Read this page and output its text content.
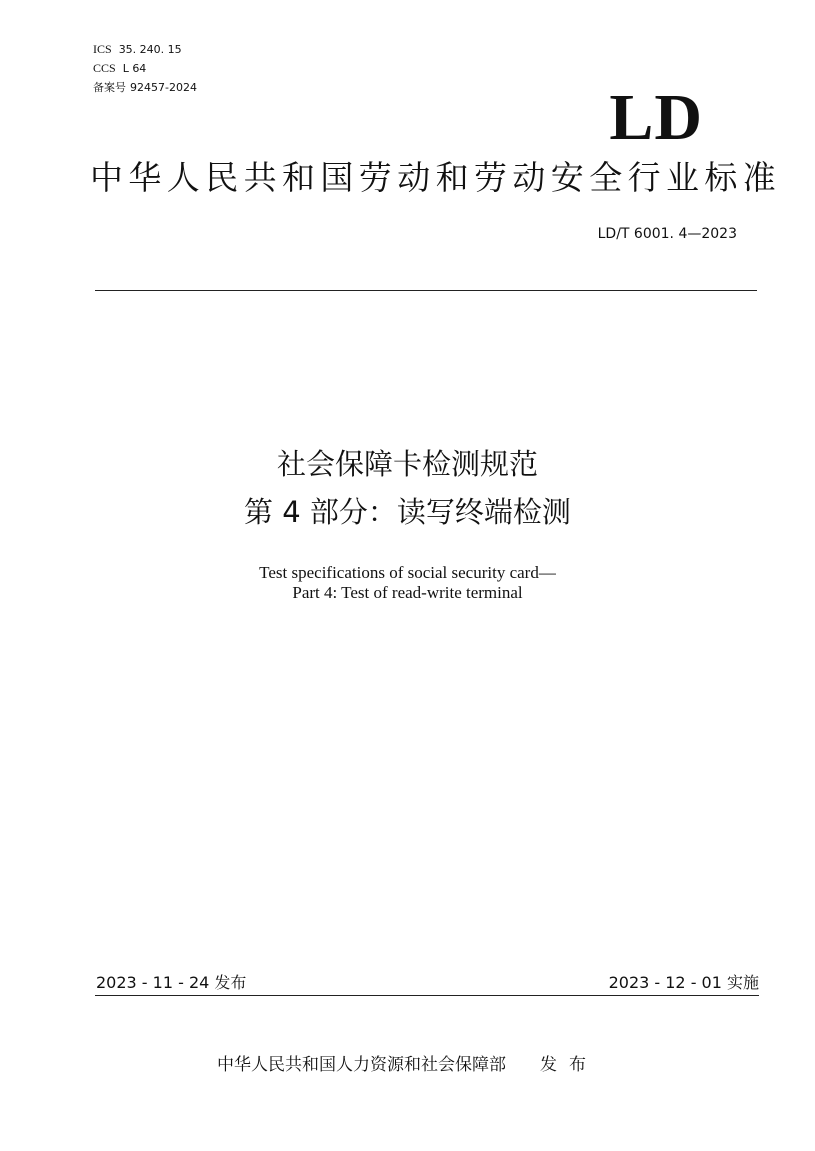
ICS 35. 240. 15
CCS L 64
备案号 92457-2024	LD
中华人民共和国劳动和劳动安全行业标准
LD/T 6001. 4—2023
社会保障卡检测规范
第 4 部分：读写终端检测
Test specifications of social security card—
Part 4: Test of read-write terminal
2023 - 11 - 24 发布	2023 - 12 - 01 实施
中华人民共和国人力资源和社会保障部 发布
